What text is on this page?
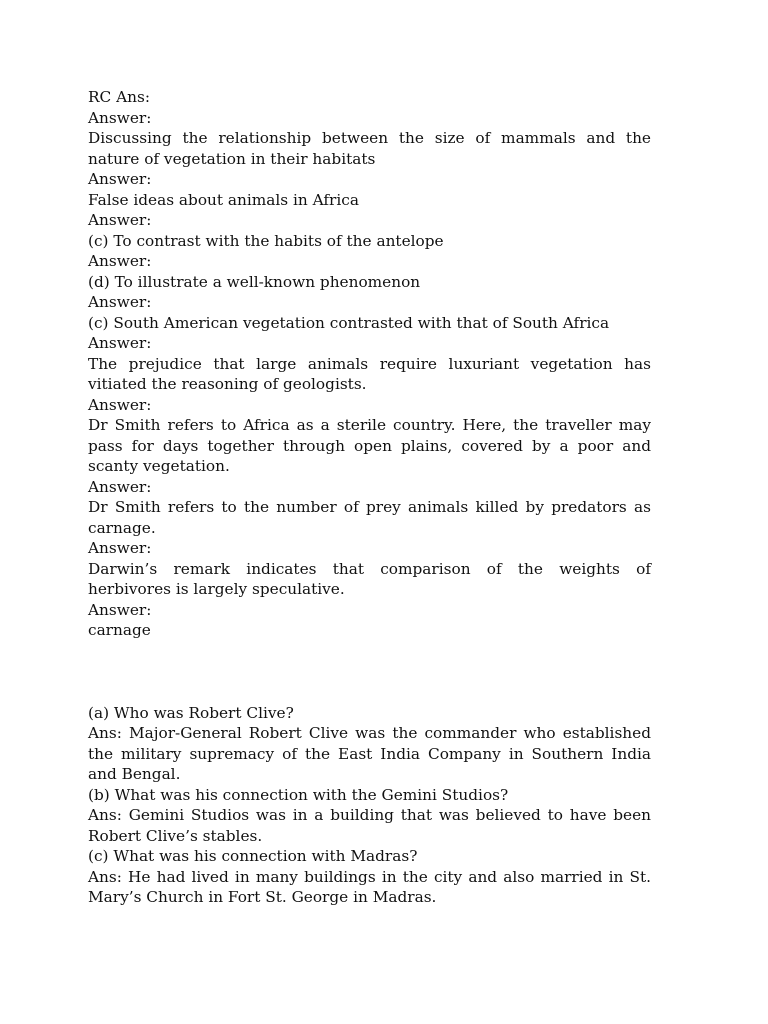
RC Ans:
Answer:
Discussing the relationship between the size of mammals and the
nature of vegetation in their habitats
Answer:
False ideas about animals in Africa
Answer:
(c) To contrast with the habits of the antelope
Answer:
(d) To illustrate a well-known phenomenon
Answer:
(c) South American vegetation contrasted with that of South Africa
Answer:
The prejudice that large animals require luxuriant vegetation has
vitiated the reasoning of geologists.
Answer:
Dr Smith refers to Africa as a sterile country. Here, the traveller may
pass for days together through open plains, covered by a poor and
scanty vegetation.
Answer:
Dr Smith refers to the number of prey animals killed by predators as
carnage.
Answer:
Darwin’s remark indicates that comparison of the weights of
herbivores is largely speculative.
Answer:
carnage
(a) Who was Robert Clive?
Ans: Major-General Robert Clive was the commander who established
the military supremacy of the East India Company in Southern India
and Bengal.
(b) What was his connection with the Gemini Studios?
Ans: Gemini Studios was in a building that was believed to have been
Robert Clive’s stables.
(c) What was his connection with Madras?
Ans: He had lived in many buildings in the city and also married in St.
Mary’s Church in Fort St. George in Madras.
